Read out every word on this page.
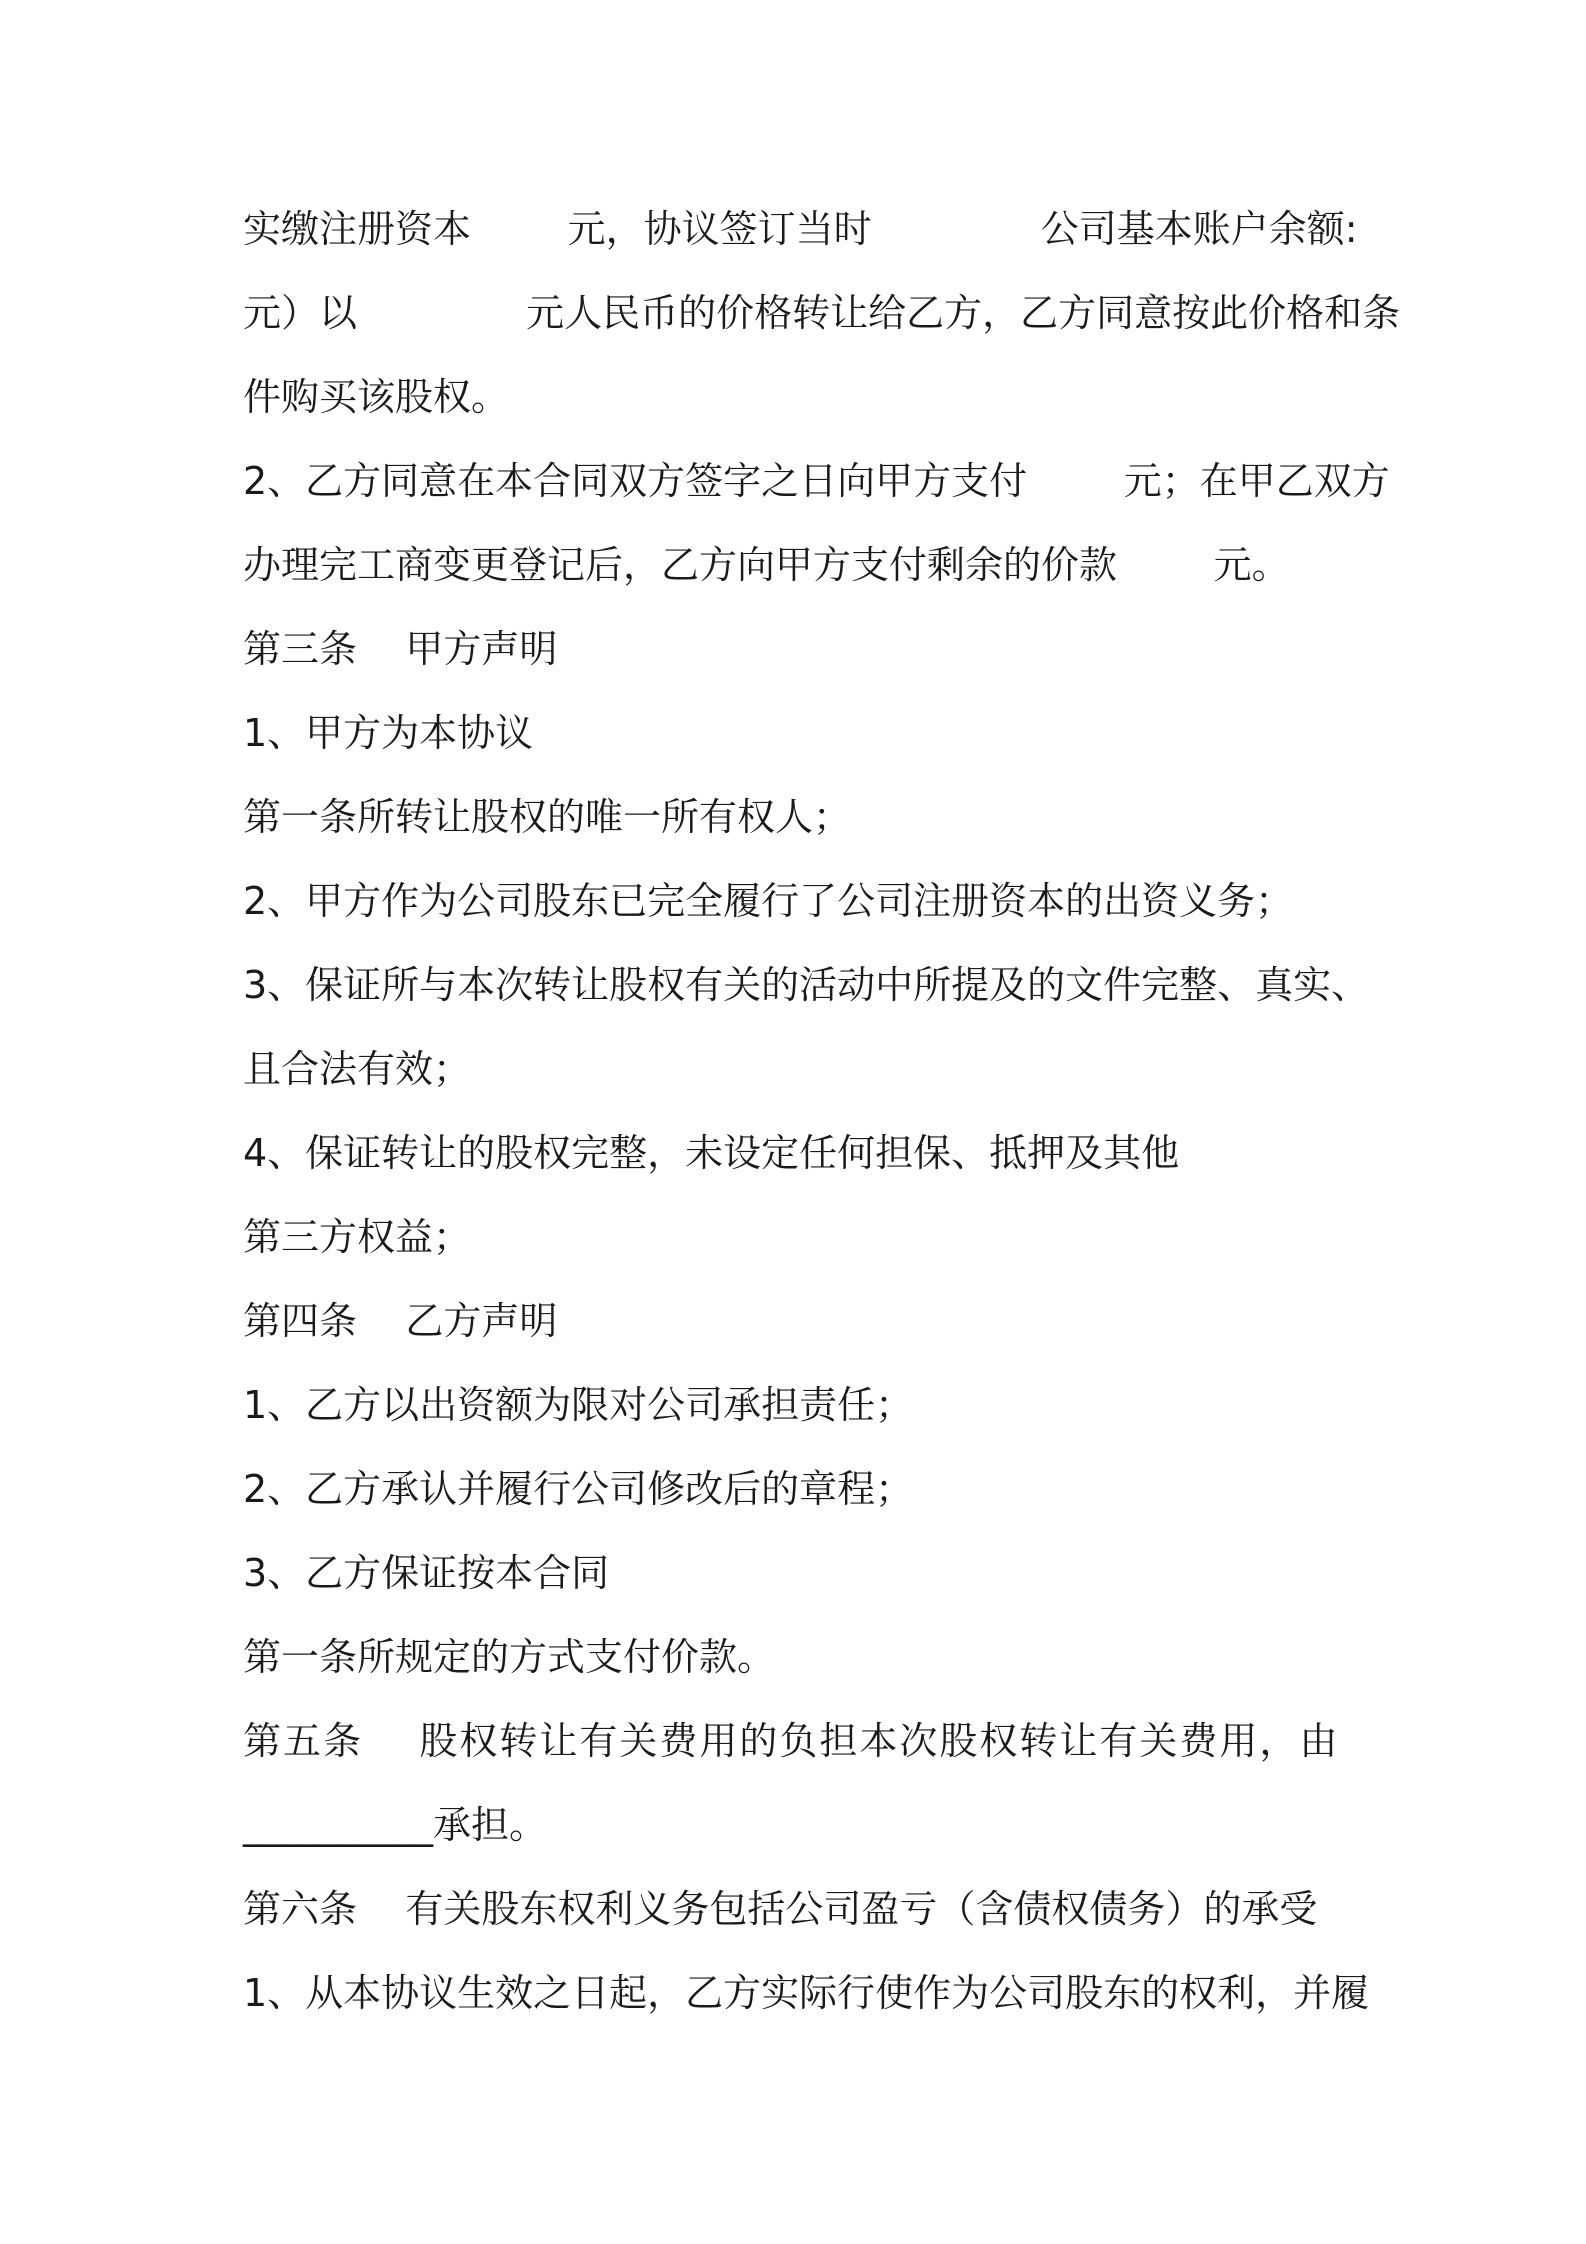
实缴注册资本        元，协议签订当时              公司基本账户余额:
元）以              元人民币的价格转让给乙方，乙方同意按此价格和条
件购买该股权。
2、乙方同意在本合同双方签字之日向甲方支付        元；在甲乙双方
办理完工商变更登记后，乙方向甲方支付剩余的价款        元。
第三条    甲方声明
1、甲方为本协议
第一条所转让股权的唯一所有权人；
2、甲方作为公司股东已完全履行了公司注册资本的出资义务；
3、保证所与本次转让股权有关的活动中所提及的文件完整、真实、
且合法有效；
4、保证转让的股权完整，未设定任何担保、抵押及其他
第三方权益；
第四条    乙方声明
1、乙方以出资额为限对公司承担责任；
2、乙方承认并履行公司修改后的章程；
3、乙方保证按本合同
第一条所规定的方式支付价款。
第五条    股权转让有关费用的负担本次股权转让有关费用，由
__________承担。
第六条    有关股东权利义务包括公司盈亏（含债权债务）的承受
1、从本协议生效之日起，乙方实际行使作为公司股东的权利，并履
